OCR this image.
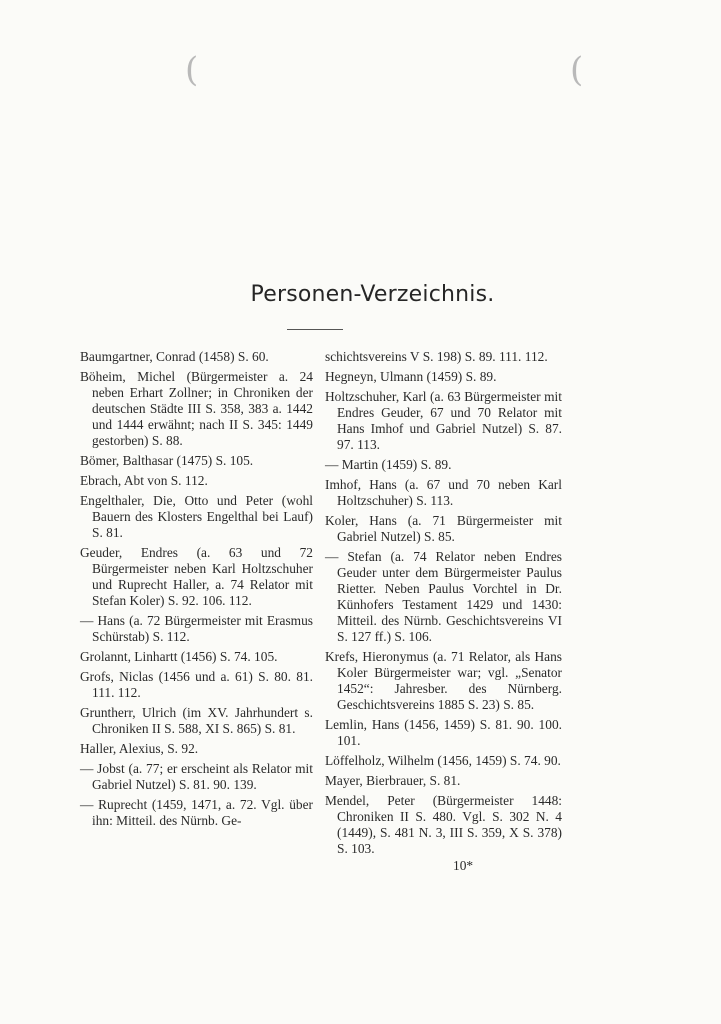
(	(
Personen-Verzeichnis.

Baumgartner, Conrad (1458) S. 60.

Böheim, Michel (Bürgermeister a. 24 neben Erhart Zollner; in Chroniken der deutschen Städte III S. 358, 383 a. 1442 und 1444 erwähnt; nach II S. 345: 1449 gestorben) S. 88.

Bömer, Balthasar (1475) S. 105.

Ebrach, Abt von S. 112.

Engelthaler, Die, Otto und Peter (wohl Bauern des Klosters Engelthal bei Lauf) S. 81.

Geuder, Endres (a. 63 und 72 Bürgermeister neben Karl Holtzschuher und Ruprecht Haller, a. 74 Relator mit Stefan Koler) S. 92. 106. 112.

— Hans (a. 72 Bürgermeister mit Erasmus Schürstab) S. 112.

Grolannt, Linhartt (1456) S. 74. 105.

Grofs, Niclas (1456 und a. 61) S. 80. 81. 111. 112.

Gruntherr, Ulrich (im XV. Jahrhundert s. Chroniken II S. 588, XI S. 865) S. 81.

Haller, Alexius, S. 92.

— Jobst (a. 77; er erscheint als Relator mit Gabriel Nutzel) S. 81. 90. 139.

— Ruprecht (1459, 1471, a. 72. Vgl. über ihn: Mitteil. des Nürnb. Ge-

schichtsvereins V S. 198) S. 89. 111. 112.

Hegneyn, Ulmann (1459) S. 89.

Holtzschuher, Karl (a. 63 Bürgermeister mit Endres Geuder, 67 und 70 Relator mit Hans Imhof und Gabriel Nutzel) S. 87. 97. 113.

— Martin (1459) S. 89.

Imhof, Hans (a. 67 und 70 neben Karl Holtzschuher) S. 113.

Koler, Hans (a. 71 Bürgermeister mit Gabriel Nutzel) S. 85.

— Stefan (a. 74 Relator neben Endres Geuder unter dem Bürgermeister Paulus Rietter. Neben Paulus Vorchtel in Dr. Künhofers Testament 1429 und 1430: Mitteil. des Nürnb. Geschichtsvereins VI S. 127 ff.) S. 106.

Krefs, Hieronymus (a. 71 Relator, als Hans Koler Bürgermeister war; vgl. „Senator 1452“: Jahresber. des Nürnberg. Geschichtsvereins 1885 S. 23) S. 85.

Lemlin, Hans (1456, 1459) S. 81. 90. 100. 101.

Löffelholz, Wilhelm (1456, 1459) S. 74. 90.

Mayer, Bierbrauer, S. 81.

Mendel, Peter (Bürgermeister 1448: Chroniken II S. 480. Vgl. S. 302 N. 4 (1449), S. 481 N. 3, III S. 359, X S. 378) S. 103.

10*
